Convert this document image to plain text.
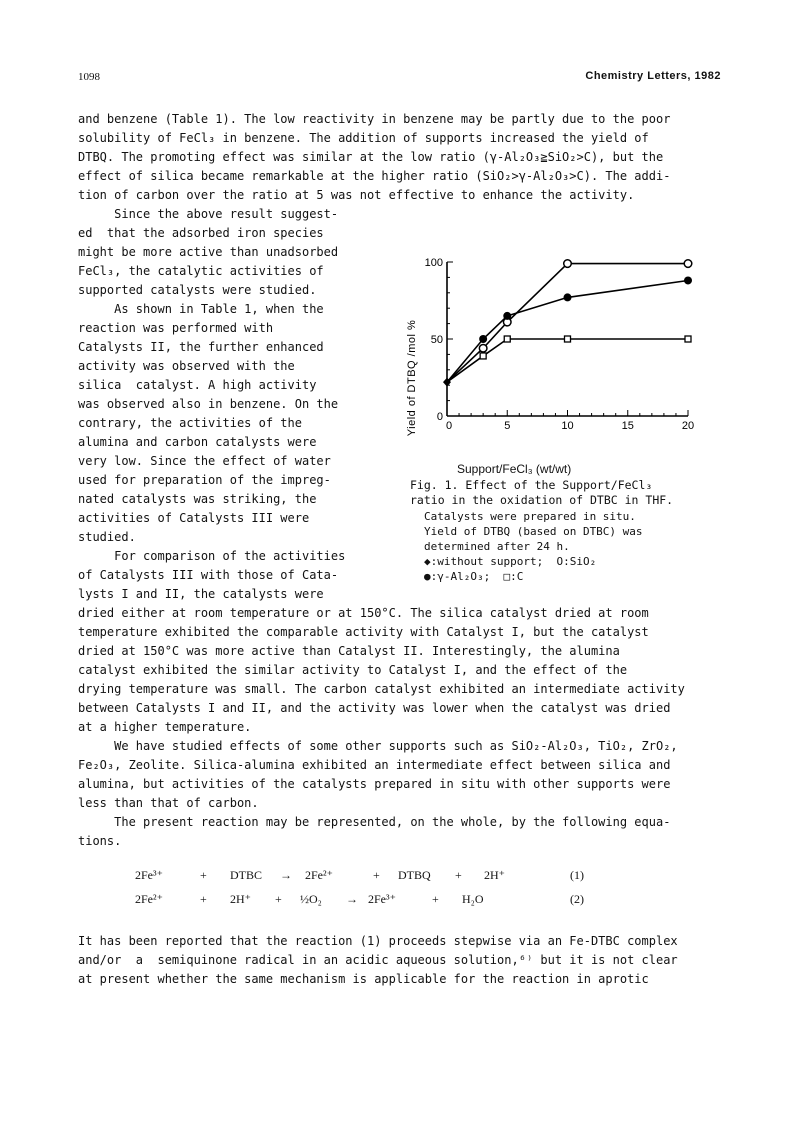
1098	Chemistry Letters, 1982
and benzene (Table 1). The low reactivity in benzene may be partly due to the poor
solubility of FeCl₃ in benzene. The addition of supports increased the yield of
DTBQ. The promoting effect was similar at the low ratio (γ-Al₂O₃≧SiO₂>C), but the
effect of silica became remarkable at the higher ratio (SiO₂>γ-Al₂O₃>C). The addi-
tion of carbon over the ratio at 5 was not effective to enhance the activity.
Since the above result suggest-
ed  that the adsorbed iron species
might be more active than unadsorbed
FeCl₃, the catalytic activities of
supported catalysts were studied.
As shown in Table 1, when the
reaction was performed with
Catalysts II, the further enhanced
activity was observed with the
silica  catalyst. A high activity
was observed also in benzene. On the
contrary, the activities of the
alumina and carbon catalysts were
very low. Since the effect of water
used for preparation of the impreg-
nated catalysts was striking, the
activities of Catalysts III were
studied.
For comparison of the activities
of Catalysts III with those of Cata-
lysts I and II, the catalysts were
dried either at room temperature or at 150°C. The silica catalyst dried at room
temperature exhibited the comparable activity with Catalyst I, but the catalyst
dried at 150°C was more active than Catalyst II. Interestingly, the alumina
catalyst exhibited the similar activity to Catalyst I, and the effect of the
drying temperature was small. The carbon catalyst exhibited an intermediate activity
between Catalysts I and II, and the activity was lower when the catalyst was dried
at a higher temperature.
We have studied effects of some other supports such as SiO₂-Al₂O₃, TiO₂, ZrO₂,
Fe₂O₃, Zeolite. Silica-alumina exhibited an intermediate effect between silica and
alumina, but activities of the catalysts prepared in situ with other supports were
less than that of carbon.
The present reaction may be represented, on the whole, by the following equa-
tions.
It has been reported that the reaction (1) proceeds stepwise via an Fe-DTBC complex
and/or  a  semiquinone radical in an acidic aqueous solution,⁶⁾ but it is not clear
at present whether the same mechanism is applicable for the reaction in aprotic
0	5	10	15	20
0
50
100
Yield of DTBQ /mol %
Support/FeCl₃ (wt/wt)
Fig. 1. Effect of the Support/FeCl₃
ratio in the oxidation of DTBC in THF.
Catalysts were prepared in situ.
Yield of DTBQ (based on DTBC) was
determined after 24 h.
◆:without support;  O:SiO₂
●:γ-Al₂O₃;  □:C
2Fe³⁺	+ DTBC → 2Fe²⁺	+ DTBQ + 2H⁺	(1)
2Fe²⁺	+ 2H⁺ + ½O₂ → 2Fe³⁺	+ H₂O	(2)
